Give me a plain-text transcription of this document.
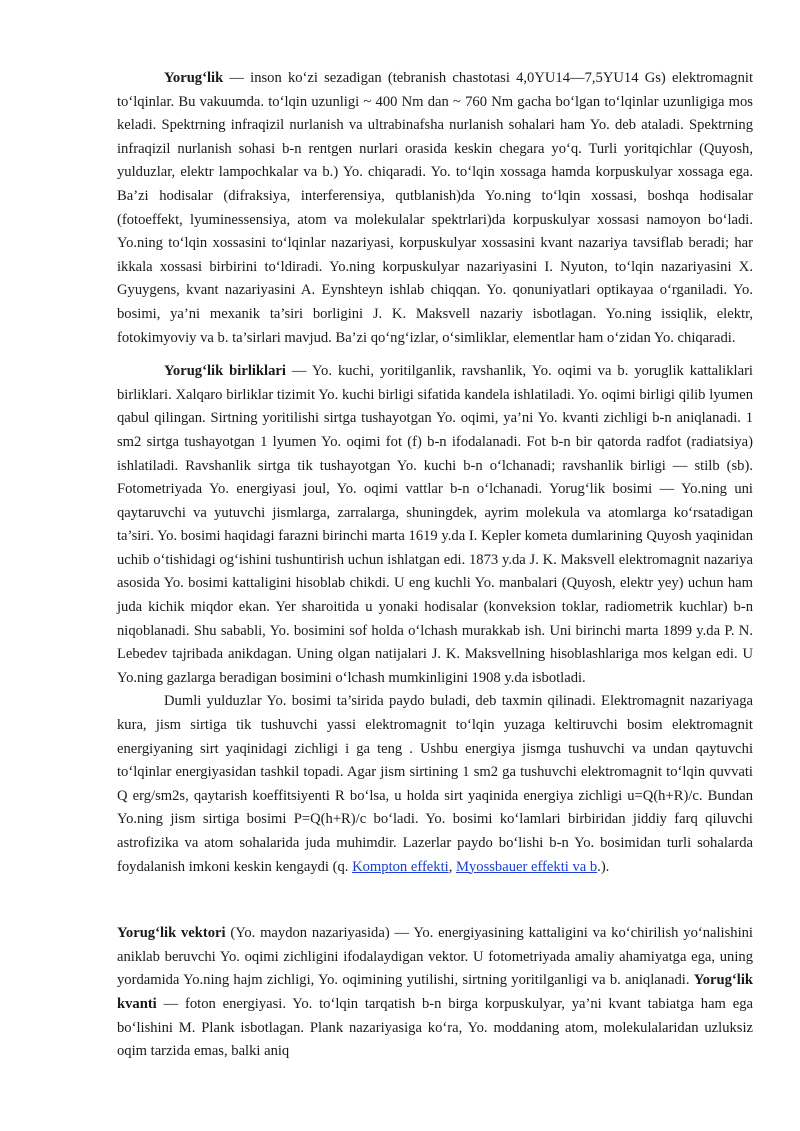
Yorug‘lik — inson ko‘zi sezadigan (tebranish chastotasi 4,0YU14—7,5YU14 Gs) elektromagnit to‘lqinlar. Bu vakuumda. to‘lqin uzunligi ~ 400 Nm dan ~ 760 Nm gacha bo‘lgan to‘lqinlar uzunligiga mos keladi. Spektrning infraqizil nurlanish va ultrabinafsha nurlanish sohalari ham Yo. deb ataladi. Spektrning infraqizil nurlanish sohasi b-n rentgen nurlari orasida keskin chegara yo‘q. Turli yoritqichlar (Quyosh, yulduzlar, elektr lampochkalar va b.) Yo. chiqaradi. Yo. to‘lqin xossaga hamda korpuskulyar xossaga ega. Ba’zi hodisalar (difraksiya, interferensiya, qutblanish)da Yo.ning to‘lqin xossasi, boshqa hodisalar (fotoeffekt, lyuminessensiya, atom va molekulalar spektrlari)da korpuskulyar xossasi namoyon bo‘ladi. Yo.ning to‘lqin xossasini to‘lqinlar nazariyasi, korpuskulyar xossasini kvant nazariya tavsiflab beradi; har ikkala xossasi birbirini to‘ldiradi. Yo.ning korpuskulyar nazariyasini I. Nyuton, to‘lqin nazariyasini X. Gyuygens, kvant nazariyasini A. Eynshteyn ishlab chiqqan. Yo. qonuniyatlari optikayaa o‘rganiladi. Yo. bosimi, ya’ni mexanik ta’siri borligini J. K. Maksvell nazariy isbotlagan. Yo.ning issiqlik, elektr, fotokimyoviy va b. ta’sirlari mavjud. Ba’zi qo‘ng‘izlar, o‘simliklar, elementlar ham o‘zidan Yo. chiqaradi.

Yorug‘lik birliklari — Yo. kuchi, yoritilganlik, ravshanlik, Yo. oqimi va b. yoruglik kattaliklari birliklari. Xalqaro birliklar tizimit Yo. kuchi birligi sifatida kandela ishlatiladi. Yo. oqimi birligi qilib lyumen qabul qilingan. Sirtning yoritilishi sirtga tushayotgan Yo. oqimi, ya’ni Yo. kvanti zichligi b-n aniqlanadi. 1 sm2 sirtga tushayotgan 1 lyumen Yo. oqimi fot (f) b-n ifodalanadi. Fot b-n bir qatorda radfot (radiatsiya) ishlatiladi. Ravshanlik sirtga tik tushayotgan Yo. kuchi b-n o‘lchanadi; ravshanlik birligi — stilb (sb). Fotometriyada Yo. energiyasi joul, Yo. oqimi vattlar b-n o‘lchanadi. Yorug‘lik bosimi — Yo.ning uni qaytaruvchi va yutuvchi jismlarga, zarralarga, shuningdek, ayrim molekula va atomlarga ko‘rsatadigan ta’siri. Yo. bosimi haqidagi farazni birinchi marta 1619 y.da I. Kepler kometa dumlarining Quyosh yaqinidan uchib o‘tishidagi og‘ishini tushuntirish uchun ishlatgan edi. 1873 y.da J. K. Maksvell elektromagnit nazariya asosida Yo. bosimi kattaligini hisoblab chikdi. U eng kuchli Yo. manbalari (Quyosh, elektr yey) uchun ham juda kichik miqdor ekan. Yer sharoitida u yonaki hodisalar (konveksion toklar, radiometrik kuchlar) b-n niqoblanadi. Shu sababli, Yo. bosimini sof holda o‘lchash murakkab ish. Uni birinchi marta 1899 y.da P. N. Lebedev tajribada anikdagan. Uning olgan natijalari J. K. Maksvellning hisoblashlariga mos kelgan edi. U Yo.ning gazlarga beradigan bosimini o‘lchash mumkinligini 1908 y.da isbotladi.

Dumli yulduzlar Yo. bosimi ta’sirida paydo buladi, deb taxmin qilinadi. Elektromagnit nazariyaga kura, jism sirtiga tik tushuvchi yassi elektromagnit to‘lqin yuzaga keltiruvchi bosim elektromagnit energiyaning sirt yaqinidagi zichligi i ga teng . Ushbu energiya jismga tushuvchi va undan qaytuvchi to‘lqinlar energiyasidan tashkil topadi. Agar jism sirtining 1 sm2 ga tushuvchi elektromagnit to‘lqin quvvati Q erg/sm2s, qaytarish koeffitsiyenti R bo‘lsa, u holda sirt yaqinida energiya zichligi u=Q(h+R)/c. Bundan Yo.ning jism sirtiga bosimi P=Q(h+R)/c bo‘ladi. Yo. bosimi ko‘lamlari birbiridan jiddiy farq qiluvchi astrofizika va atom sohalarida juda muhimdir. Lazerlar paydo bo‘lishi b-n Yo. bosimidan turli sohalarda foydalanish imkoni keskin kengaydi (q. Kompton effekti, Myossbauer effekti va b.).

Yorug‘lik vektori (Yo. maydon nazariyasida) — Yo. energiyasining kattaligini va ko‘chirilish yo‘nalishini aniklab beruvchi Yo. oqimi zichligini ifodalaydigan vektor. U fotometriyada amaliy ahamiyatga ega, uning yordamida Yo.ning hajm zichligi, Yo. oqimining yutilishi, sirtning yoritilganligi va b. aniqlanadi. Yorug‘lik kvanti — foton energiyasi. Yo. to‘lqin tarqatish b-n birga korpuskulyar, ya’ni kvant tabiatga ham ega bo‘lishini M. Plank isbotlagan. Plank nazariyasiga ko‘ra, Yo. moddaning atom, molekulalaridan uzluksiz oqim tarzida emas, balki aniq
